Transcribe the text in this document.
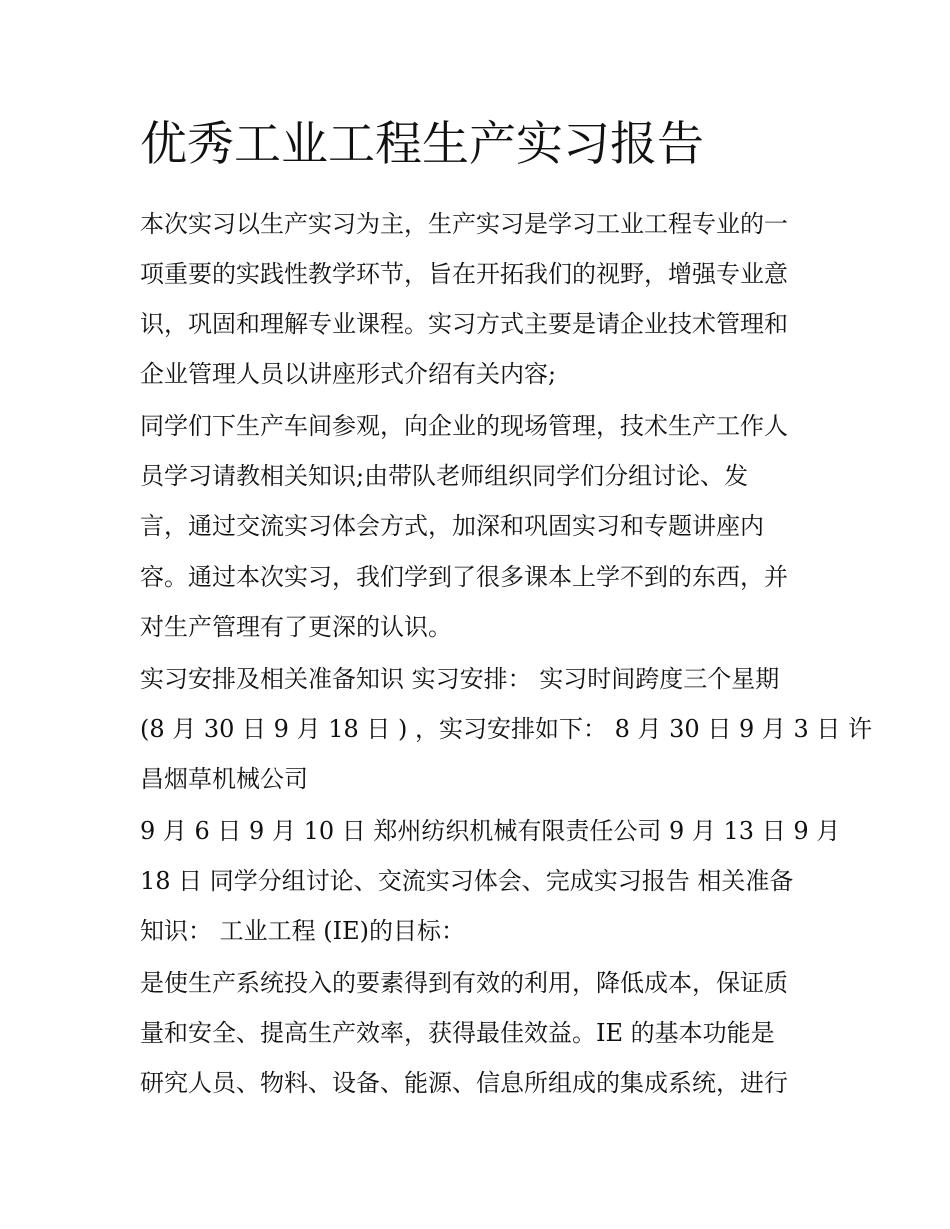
优秀工业工程生产实习报告

本次实习以生产实习为主，生产实习是学习工业工程专业的一

项重要的实践性教学环节，旨在开拓我们的视野，增强专业意

识，巩固和理解专业课程。实习方式主要是请企业技术管理和

企业管理人员以讲座形式介绍有关内容;

同学们下生产车间参观，向企业的现场管理，技术生产工作人

员学习请教相关知识;由带队老师组织同学们分组讨论、发

言，通过交流实习体会方式，加深和巩固实习和专题讲座内

容。通过本次实习，我们学到了很多课本上学不到的东西，并

对生产管理有了更深的认识。

实习安排及相关准备知识 实习安排： 实习时间跨度三个星期

(8 月 30 日 9 月 18 日 ) ，实习安排如下： 8 月 30 日 9 月 3 日 许

昌烟草机械公司

9 月 6 日 9 月 10 日 郑州纺织机械有限责任公司 9 月 13 日 9 月

18 日 同学分组讨论、交流实习体会、完成实习报告 相关准备

知识： 工业工程 (IE)的目标：

是使生产系统投入的要素得到有效的利用，降低成本，保证质

量和安全、提高生产效率，获得最佳效益。IE 的基本功能是

研究人员、物料、设备、能源、信息所组成的集成系统，进行
